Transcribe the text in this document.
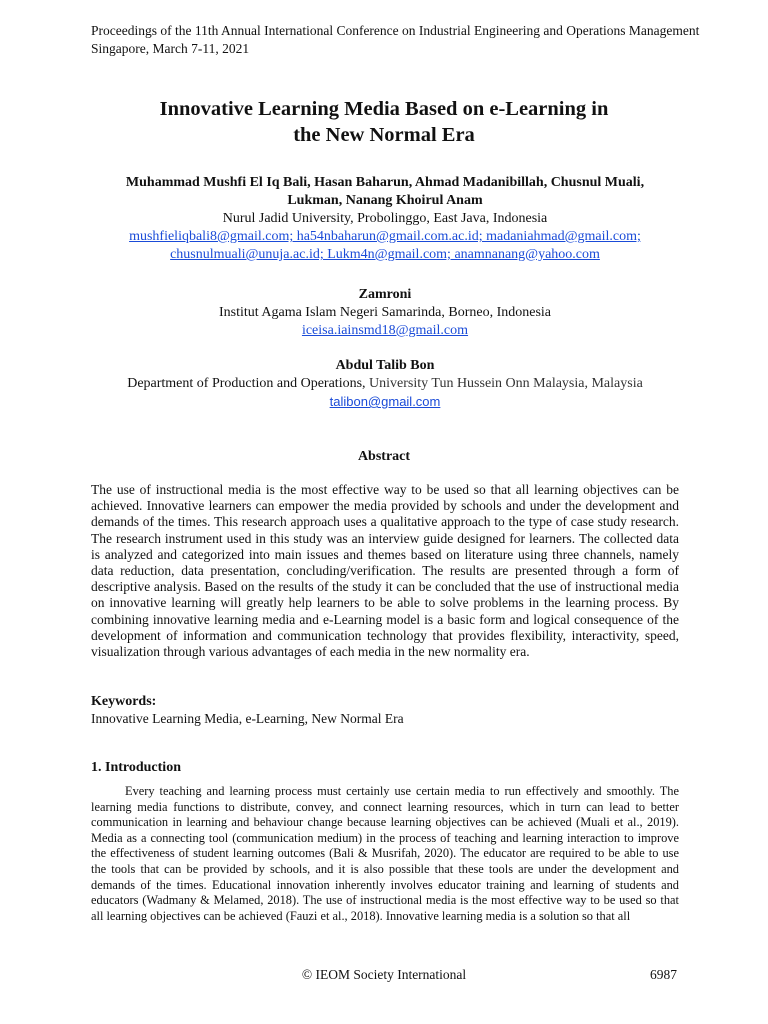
Proceedings of the 11th Annual International Conference on Industrial Engineering and Operations Management
Singapore, March 7-11, 2021
Innovative Learning Media Based on e-Learning in
the New Normal Era
Muhammad Mushfi El Iq Bali, Hasan Baharun, Ahmad Madanibillah, Chusnul Muali,
Lukman, Nanang Khoirul Anam
Nurul Jadid University, Probolinggo, East Java, Indonesia
mushfieliqbali8@gmail.com; ha54nbaharun@gmail.com.ac.id; madaniahmad@gmail.com;
chusnulmuali@unuja.ac.id; Lukm4n@gmail.com; anamnanang@yahoo.com
Zamroni
Institut Agama Islam Negeri Samarinda, Borneo, Indonesia
iceisa.iainsmd18@gmail.com
Abdul Talib Bon
Department of Production and Operations, University Tun Hussein Onn Malaysia, Malaysia
talibon@gmail.com
Abstract
The use of instructional media is the most effective way to be used so that all learning objectives can be achieved. Innovative learners can empower the media provided by schools and under the development and demands of the times. This research approach uses a qualitative approach to the type of case study research. The research instrument used in this study was an interview guide designed for learners. The collected data is analyzed and categorized into main issues and themes based on literature using three channels, namely data reduction, data presentation, concluding/verification. The results are presented through a form of descriptive analysis. Based on the results of the study it can be concluded that the use of instructional media on innovative learning will greatly help learners to be able to solve problems in the learning process. By combining innovative learning media and e-Learning model is a basic form and logical consequence of the development of information and communication technology that provides flexibility, interactivity, speed, visualization through various advantages of each media in the new normality era.
Keywords:
Innovative Learning Media, e-Learning, New Normal Era
1. Introduction

Every teaching and learning process must certainly use certain media to run effectively and smoothly. The learning media functions to distribute, convey, and connect learning resources, which in turn can lead to better communication in learning and behaviour change because learning objectives can be achieved (Muali et al., 2019). Media as a connecting tool (communication medium) in the process of teaching and learning interaction to improve the effectiveness of student learning outcomes (Bali & Musrifah, 2020). The educator are required to be able to use the tools that can be provided by schools, and it is also possible that these tools are under the development and demands of the times. Educational innovation inherently involves educator training and learning of students and educators (Wadmany & Melamed, 2018). The use of instructional media is the most effective way to be used so that all learning objectives can be achieved (Fauzi et al., 2018). Innovative learning media is a solution so that all

© IEOM Society International	6987
